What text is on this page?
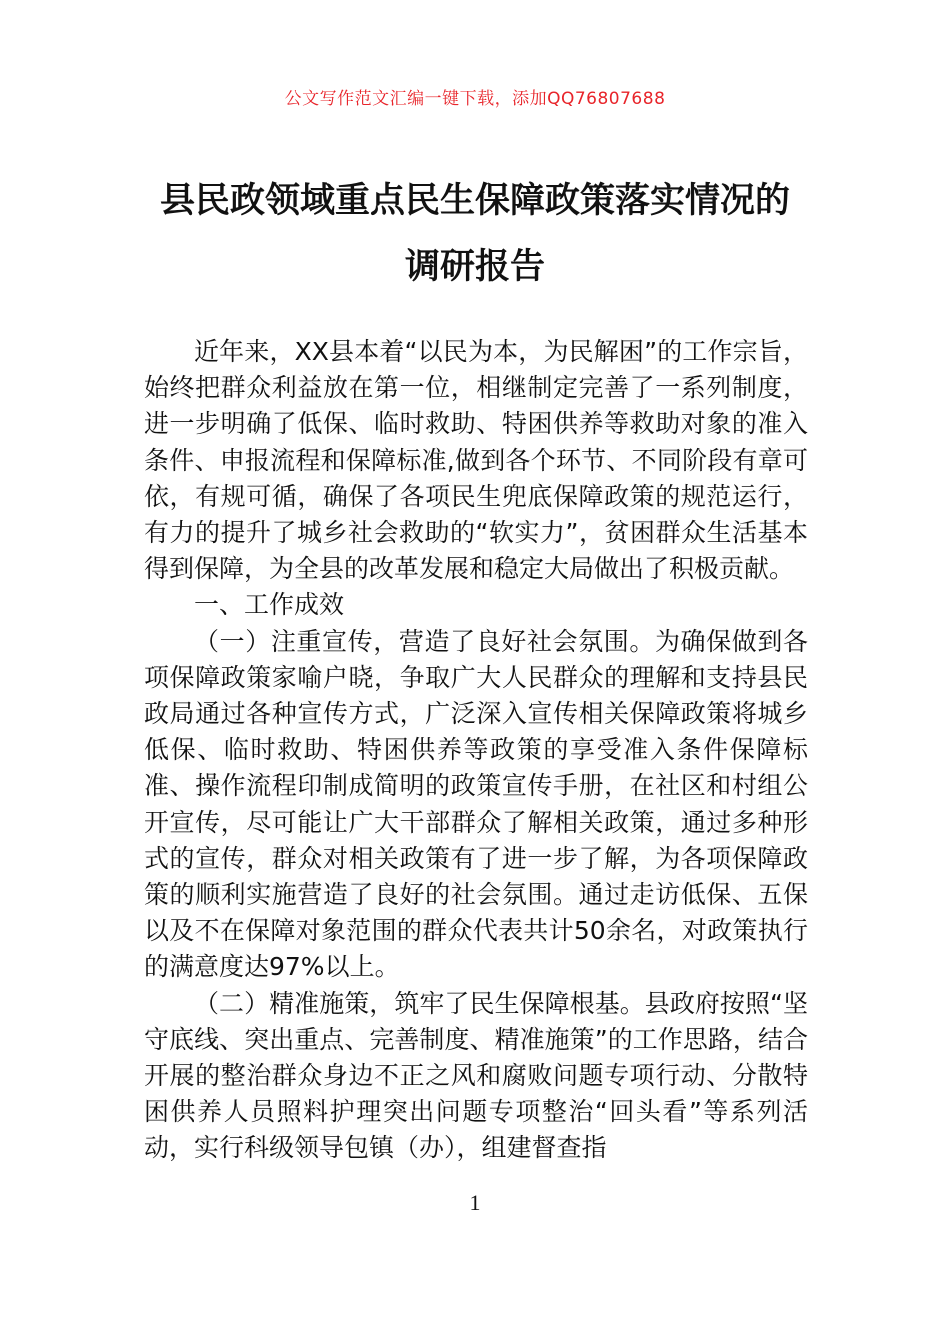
公文写作范文汇编一键下载，添加QQ76807688
县民政领域重点民生保障政策落实情况的
调研报告

近年来，XX县本着“以民为本，为民解困”的工作宗旨，始终把群众利益放在第一位，相继制定完善了一系列制度，进一步明确了低保、临时救助、特困供养等救助对象的准入条件、申报流程和保障标准,做到各个环节、不同阶段有章可依，有规可循，确保了各项民生兜底保障政策的规范运行，有力的提升了城乡社会救助的“软实力”，贫困群众生活基本得到保障，为全县的改革发展和稳定大局做出了积极贡献。

一、工作成效

（一）注重宣传，营造了良好社会氛围。为确保做到各项保障政策家喻户晓，争取广大人民群众的理解和支持县民政局通过各种宣传方式，广泛深入宣传相关保障政策将城乡低保、临时救助、特困供养等政策的享受准入条件保障标准、操作流程印制成简明的政策宣传手册，在社区和村组公开宣传，尽可能让广大干部群众了解相关政策，通过多种形式的宣传，群众对相关政策有了进一步了解，为各项保障政策的顺利实施营造了良好的社会氛围。通过走访低保、五保以及不在保障对象范围的群众代表共计50余名，对政策执行的满意度达97%以上。

（二）精准施策，筑牢了民生保障根基。县政府按照“坚守底线、突出重点、完善制度、精准施策”的工作思路，结合开展的整治群众身边不正之风和腐败问题专项行动、分散特困供养人员照料护理突出问题专项整治“回头看”等系列活动，实行科级领导包镇（办），组建督查指

1
